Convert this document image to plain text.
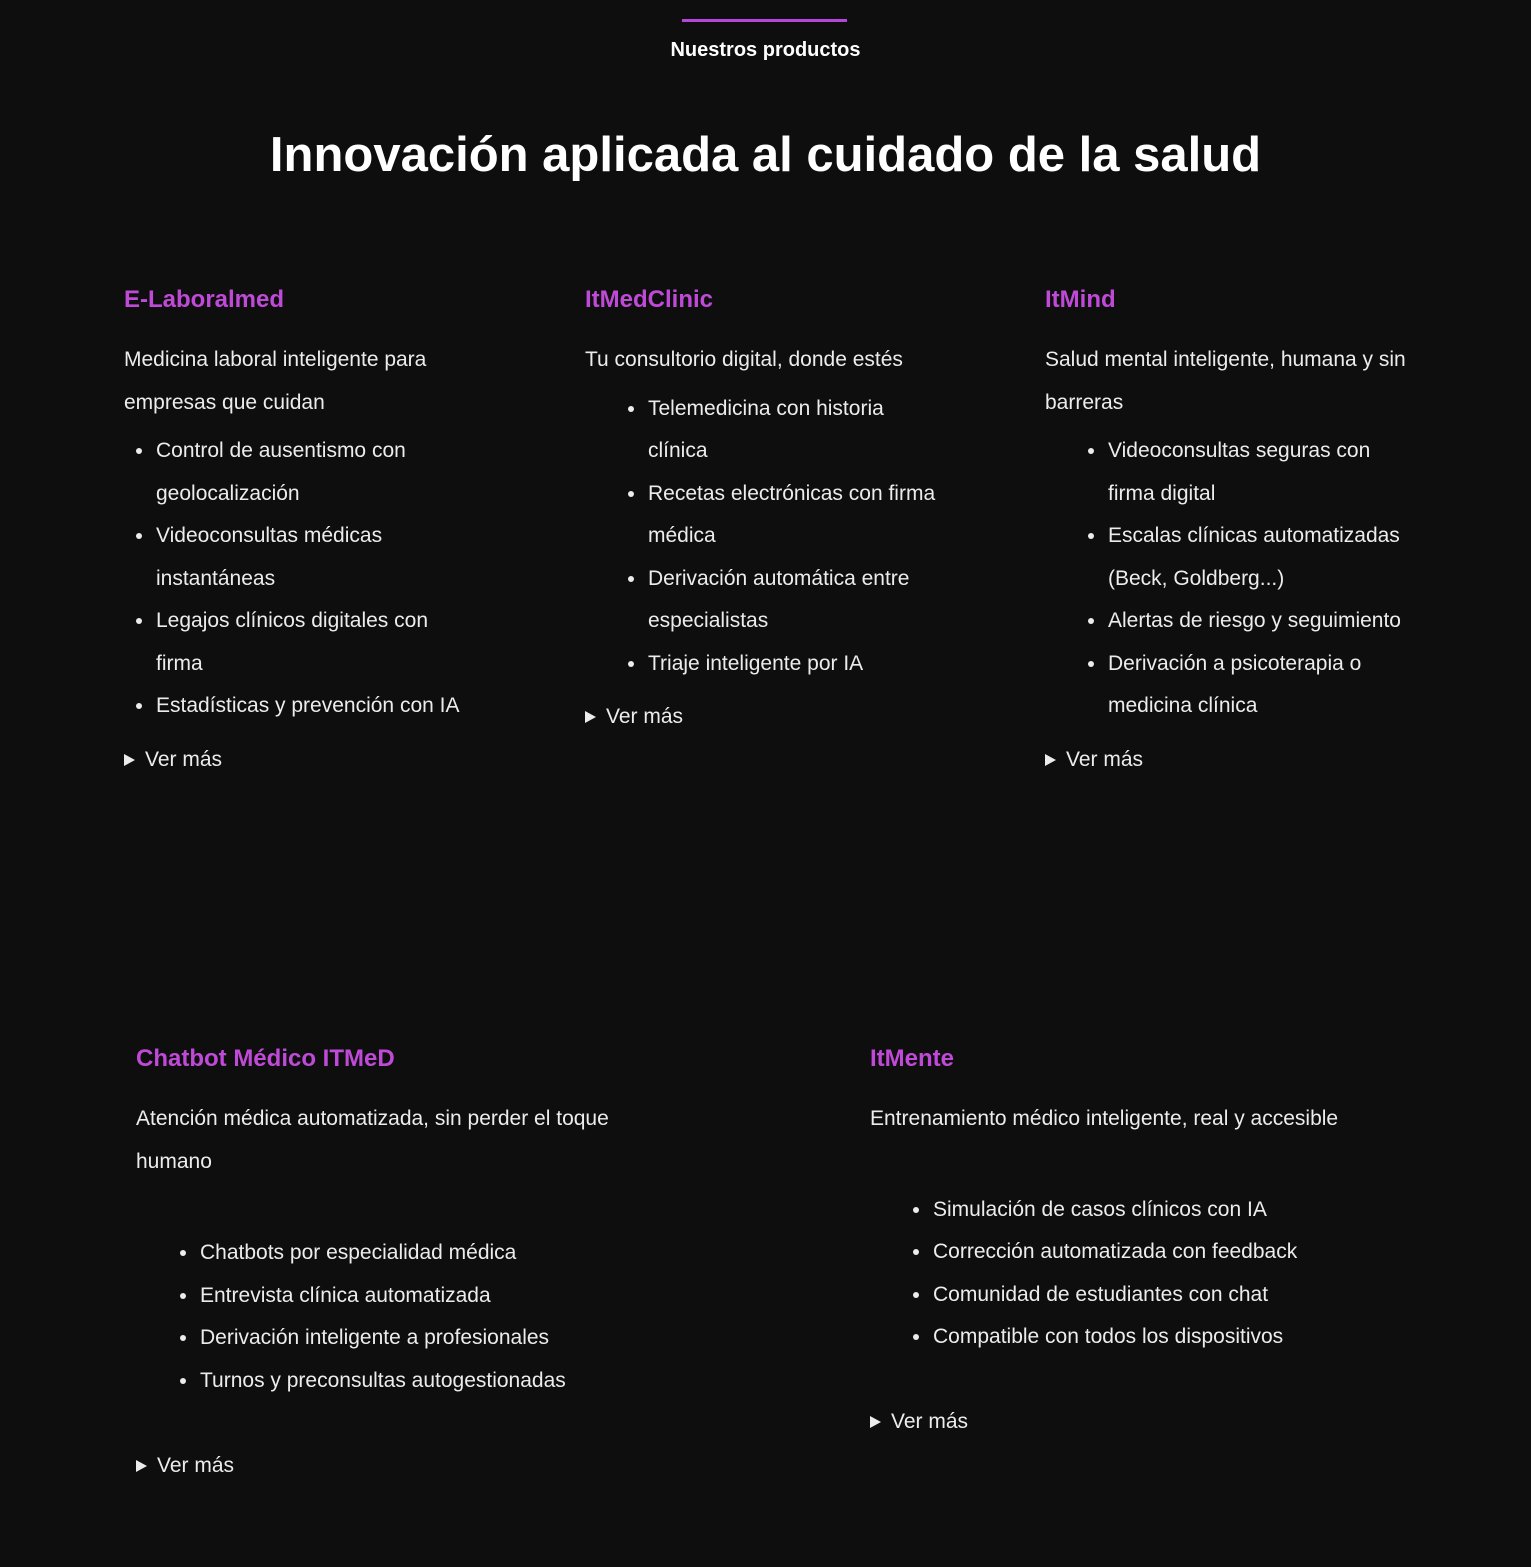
Nuestros productos
Innovación aplicada al cuidado de la salud
E-Laboralmed

Medicina laboral inteligente para empresas que cuidan

Control de ausentismo con geolocalización
Videoconsultas médicas instantáneas
Legajos clínicos digitales con firma
Estadísticas y prevención con IA
Ver más
ItMedClinic

Tu consultorio digital, donde estés

Telemedicina con historia clínica
Recetas electrónicas con firma médica
Derivación automática entre especialistas
Triaje inteligente por IA
Ver más
ItMind

Salud mental inteligente, humana y sin barreras

Videoconsultas seguras con firma digital
Escalas clínicas automatizadas (Beck, Goldberg...)
Alertas de riesgo y seguimiento
Derivación a psicoterapia o medicina clínica
Ver más
Chatbot Médico ITMeD

Atención médica automatizada, sin perder el toque humano

Chatbots por especialidad médica
Entrevista clínica automatizada
Derivación inteligente a profesionales
Turnos y preconsultas autogestionadas
Ver más
ItMente

Entrenamiento médico inteligente, real y accesible

Simulación de casos clínicos con IA
Corrección automatizada con feedback
Comunidad de estudiantes con chat
Compatible con todos los dispositivos
Ver más
